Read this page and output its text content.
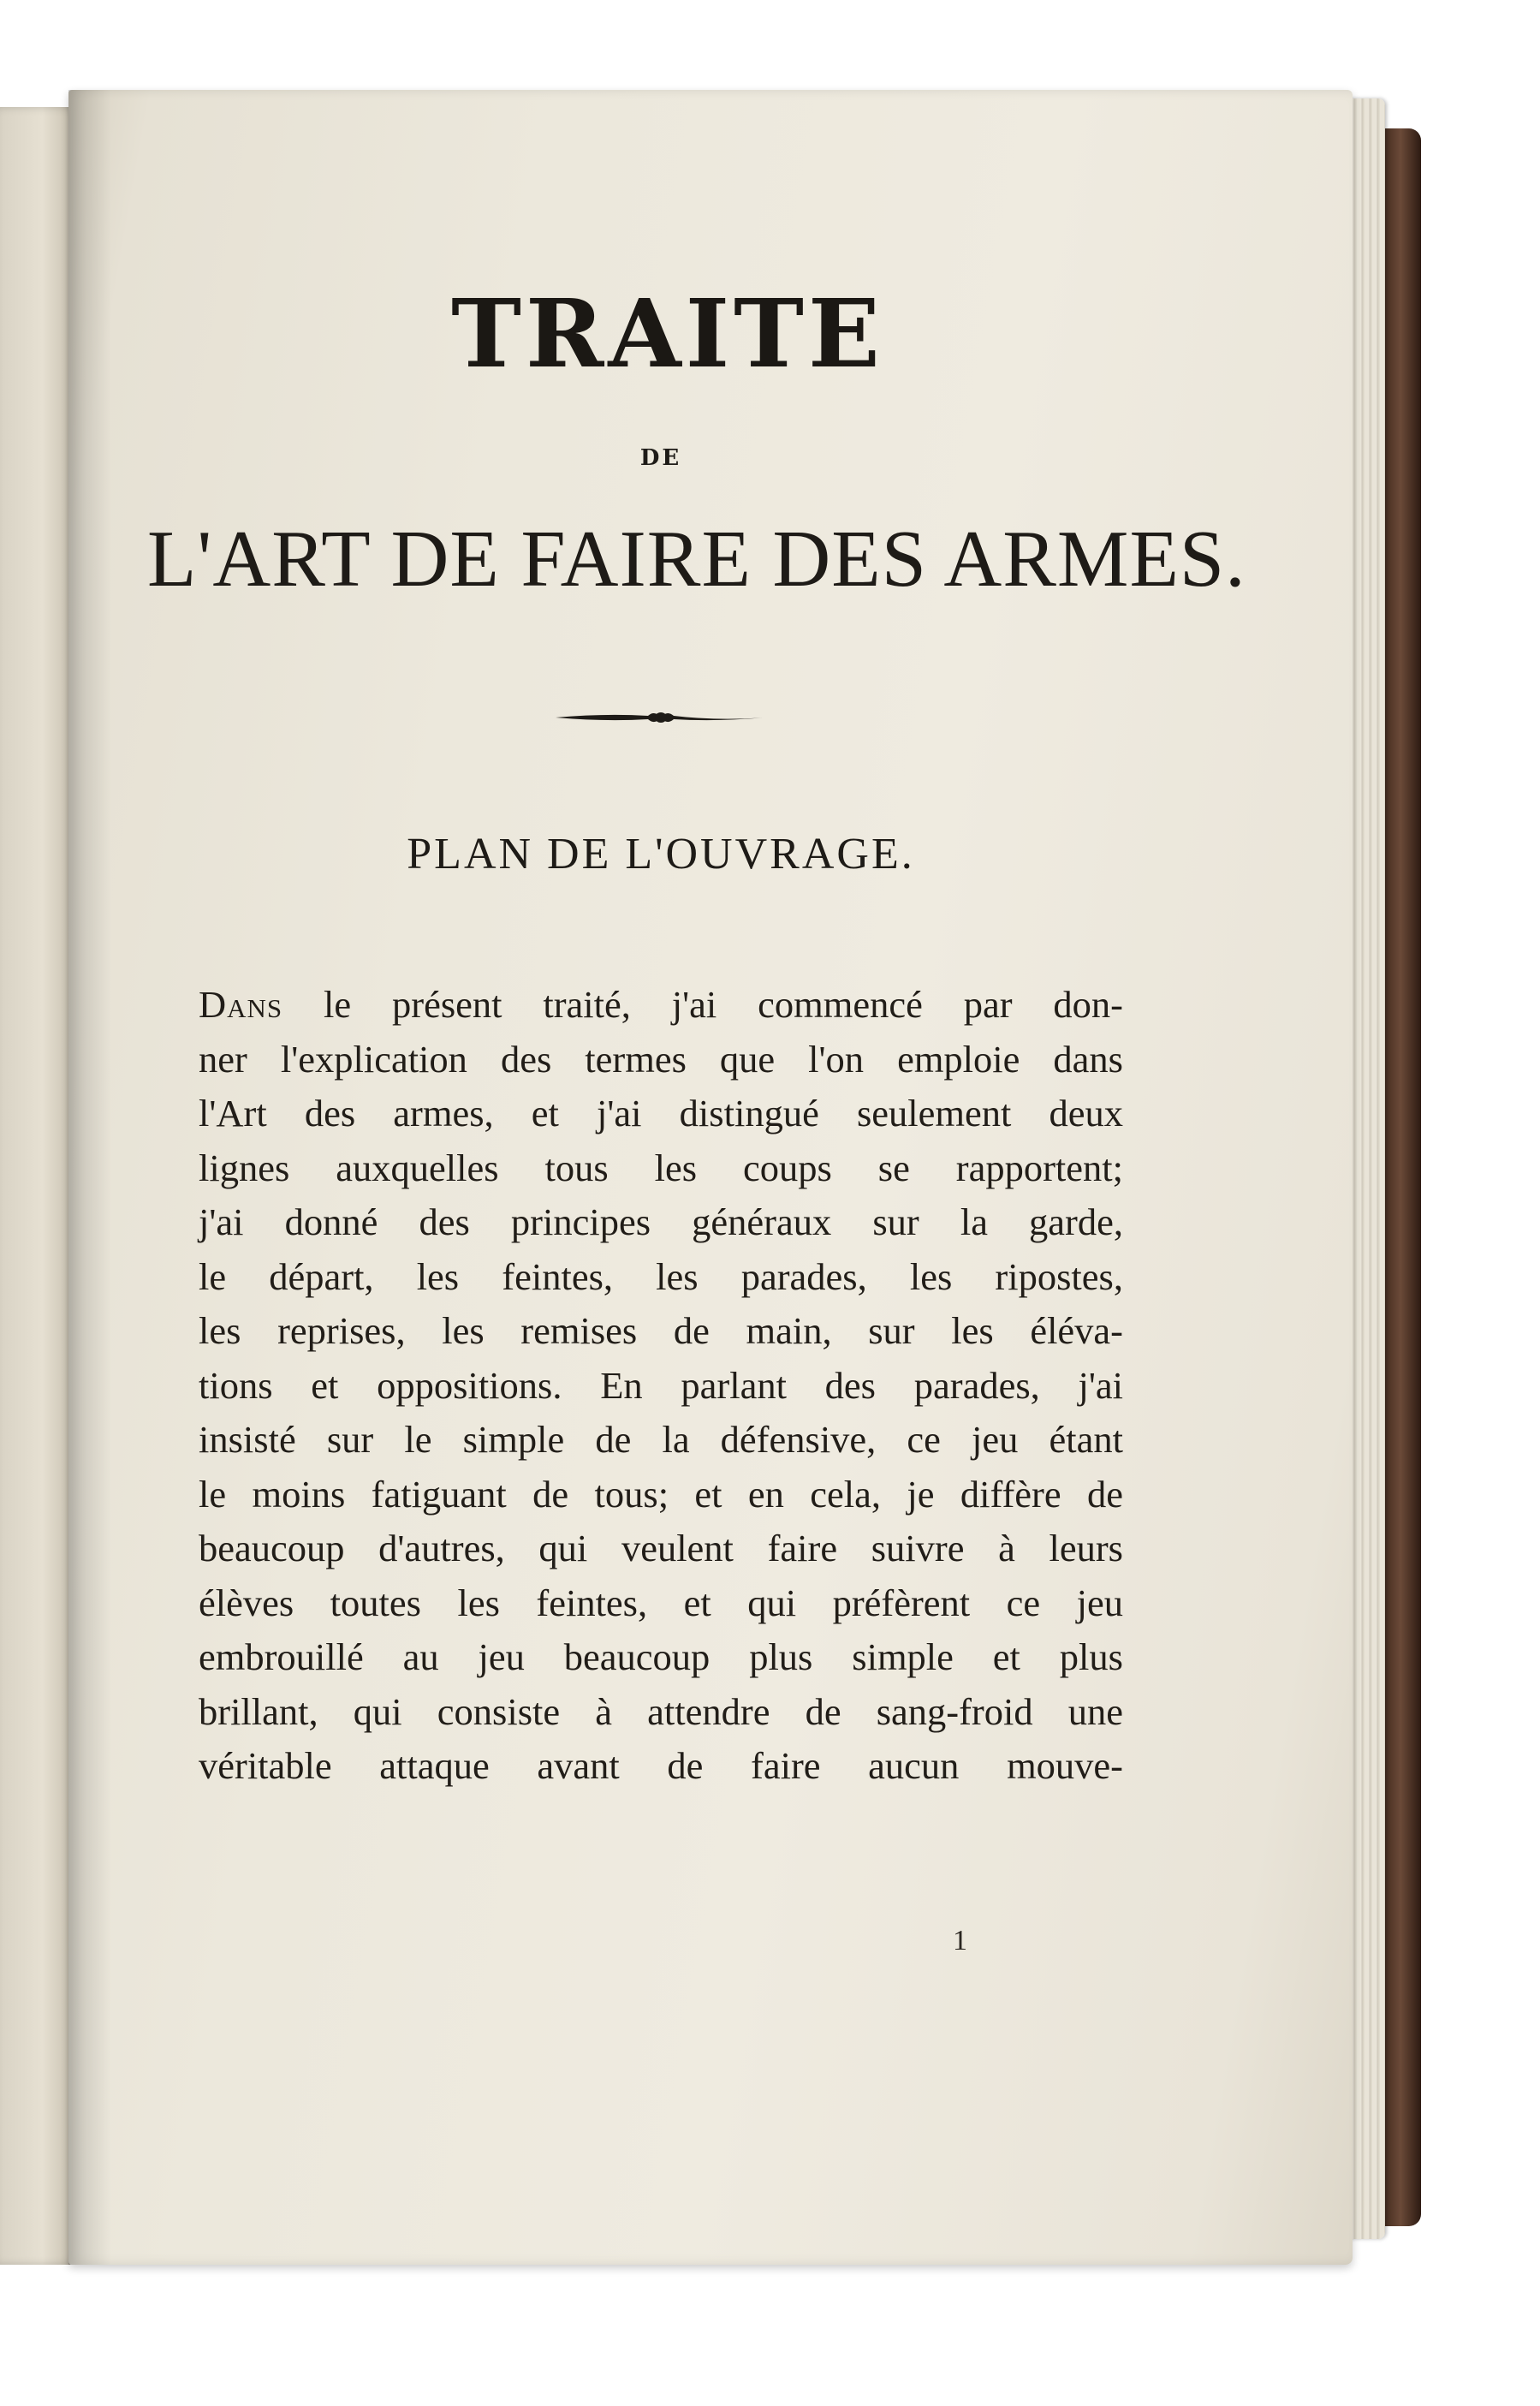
TRAITE
DE
L'ART DE FAIRE DES ARMES.
PLAN DE L'OUVRAGE.
Dans le présent traité, j'ai commencé par don-
ner l'explication des termes que l'on emploie dans
l'Art des armes, et j'ai distingué seulement deux
lignes auxquelles tous les coups se rapportent;
j'ai donné des principes généraux sur la garde,
le départ, les feintes, les parades, les ripostes,
les reprises, les remises de main, sur les éléva-
tions et oppositions. En parlant des parades, j'ai
insisté sur le simple de la défensive, ce jeu étant
le moins fatiguant de tous; et en cela, je diffère de
beaucoup d'autres, qui veulent faire suivre à leurs
élèves toutes les feintes, et qui préfèrent ce jeu
embrouillé au jeu beaucoup plus simple et plus
brillant, qui consiste à attendre de sang-froid une
véritable attaque avant de faire aucun mouve-
1
